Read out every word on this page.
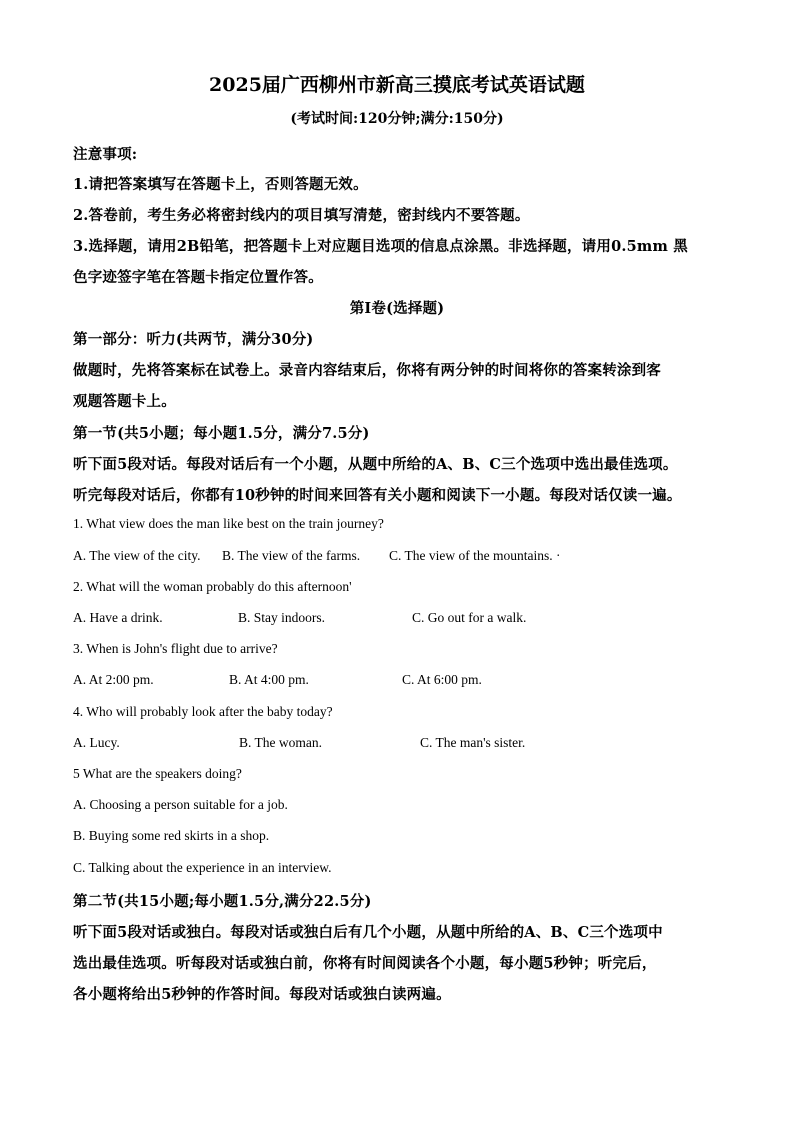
2025届广西柳州市新高三摸底考试英语试题
(考试时间:120分钟;满分:150分)
注意事项:
1.请把答案填写在答题卡上，否则答题无效。
2.答卷前，考生务必将密封线内的项目填写清楚，密封线内不要答题。
3.选择题，请用2B铅笔，把答题卡上对应题目选项的信息点涂黑。非选择题，请用0.5mm 黑
色字迹签字笔在答题卡指定位置作答。
第Ⅰ卷(选择题)
第一部分：听力(共两节，满分30分)
做题时，先将答案标在试卷上。录音内容结束后，你将有两分钟的时间将你的答案转涂到客
观题答题卡上。
第一节(共5小题；每小题1.5分，满分7.5分)
听下面5段对话。每段对话后有一个小题，从题中所给的A、B、C三个选项中选出最佳选项。
听完每段对话后，你都有10秒钟的时间来回答有关小题和阅读下一小题。每段对话仅读一遍。
1. What view does the man like best on the train journey?
A. The view of the city. B. The view of the farms. C. The view of the mountains. ·
2. What will the woman probably do this afternoon'
A. Have a drink.	B. Stay indoors.	C. Go out for a walk.
3. When is John's flight due to arrive?
A. At 2:00 pm.	B. At 4:00 pm.	C. At 6:00 pm.
4. Who will probably look after the baby today?
A. Lucy.	B. The woman.	C. The man's sister.
5 What are the speakers doing?
A. Choosing a person suitable for a job.
B. Buying some red skirts in a shop.
C. Talking about the experience in an interview.
第二节(共15小题;每小题1.5分,满分22.5分)
听下面5段对话或独白。每段对话或独白后有几个小题，从题中所给的A、B、C三个选项中
选出最佳选项。听每段对话或独白前，你将有时间阅读各个小题，每小题5秒钟；听完后，
各小题将给出5秒钟的作答时间。每段对话或独白读两遍。
